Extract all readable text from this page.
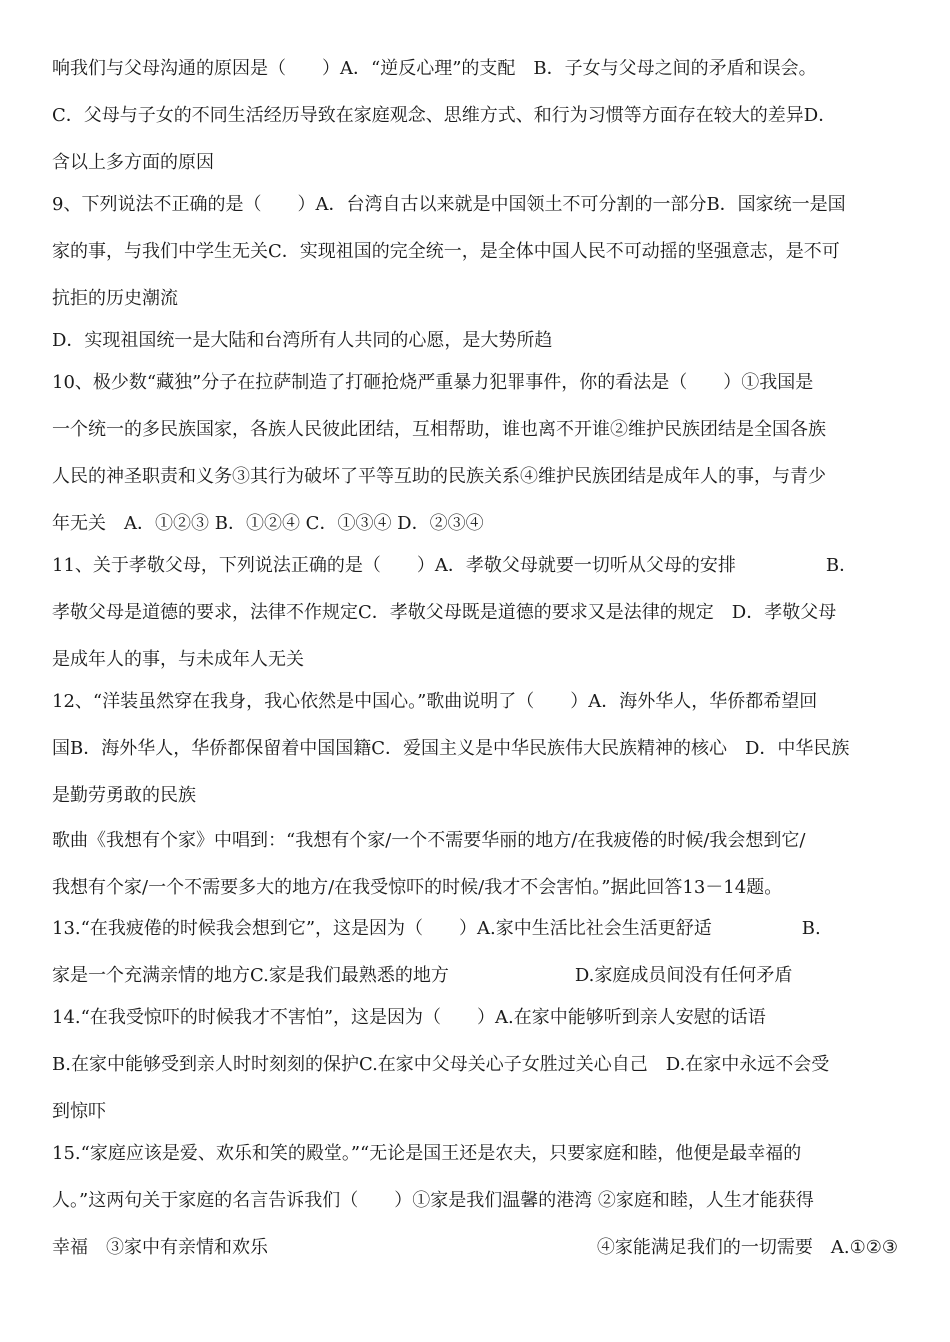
响我们与父母沟通的原因是（　　）A．“逆反心理”的支配　B．子女与父母之间的矛盾和误会。
C．父母与子女的不同生活经历导致在家庭观念、思维方式、和行为习惯等方面存在较大的差异D．
含以上多方面的原因
9、下列说法不正确的是（　　）A．台湾自古以来就是中国领土不可分割的一部分B．国家统一是国
家的事，与我们中学生无关C．实现祖国的完全统一，是全体中国人民不可动摇的坚强意志，是不可
抗拒的历史潮流
D．实现祖国统一是大陆和台湾所有人共同的心愿，是大势所趋
10、极少数“藏独”分子在拉萨制造了打砸抢烧严重暴力犯罪事件，你的看法是（　　）①我国是
一个统一的多民族国家，各族人民彼此团结，互相帮助，谁也离不开谁②维护民族团结是全国各族
人民的神圣职责和义务③其行为破坏了平等互助的民族关系④维护民族团结是成年人的事，与青少
年无关　A．①②③ B．①②④ C．①③④ D．②③④
11、关于孝敬父母，下列说法正确的是（　　）A．孝敬父母就要一切听从父母的安排　　　　　B．
孝敬父母是道德的要求，法律不作规定C．孝敬父母既是道德的要求又是法律的规定　D．孝敬父母
是成年人的事，与未成年人无关
12、“洋装虽然穿在我身，我心依然是中国心。”歌曲说明了（　　）A．海外华人，华侨都希望回
国B．海外华人，华侨都保留着中国国籍C．爱国主义是中华民族伟大民族精神的核心　D．中华民族
是勤劳勇敢的民族
歌曲《我想有个家》中唱到：“我想有个家/一个不需要华丽的地方/在我疲倦的时候/我会想到它/
我想有个家/一个不需要多大的地方/在我受惊吓的时候/我才不会害怕。”据此回答13－14题。
13.“在我疲倦的时候我会想到它”，这是因为（　　）A.家中生活比社会生活更舒适　　　　　B.
家是一个充满亲情的地方C.家是我们最熟悉的地方　　　　　　　D.家庭成员间没有任何矛盾
14.“在我受惊吓的时候我才不害怕”，这是因为（　　）A.在家中能够听到亲人安慰的话语
B.在家中能够受到亲人时时刻刻的保护C.在家中父母关心子女胜过关心自己　D.在家中永远不会受
到惊吓
15.“家庭应该是爱、欢乐和笑的殿堂。”“无论是国王还是农夫，只要家庭和睦，他便是最幸福的
人。”这两句关于家庭的名言告诉我们（　　）①家是我们温馨的港湾 ②家庭和睦，人生才能获得
幸福　③家中有亲情和欢乐	④家能满足我们的一切需要　A.①②③
